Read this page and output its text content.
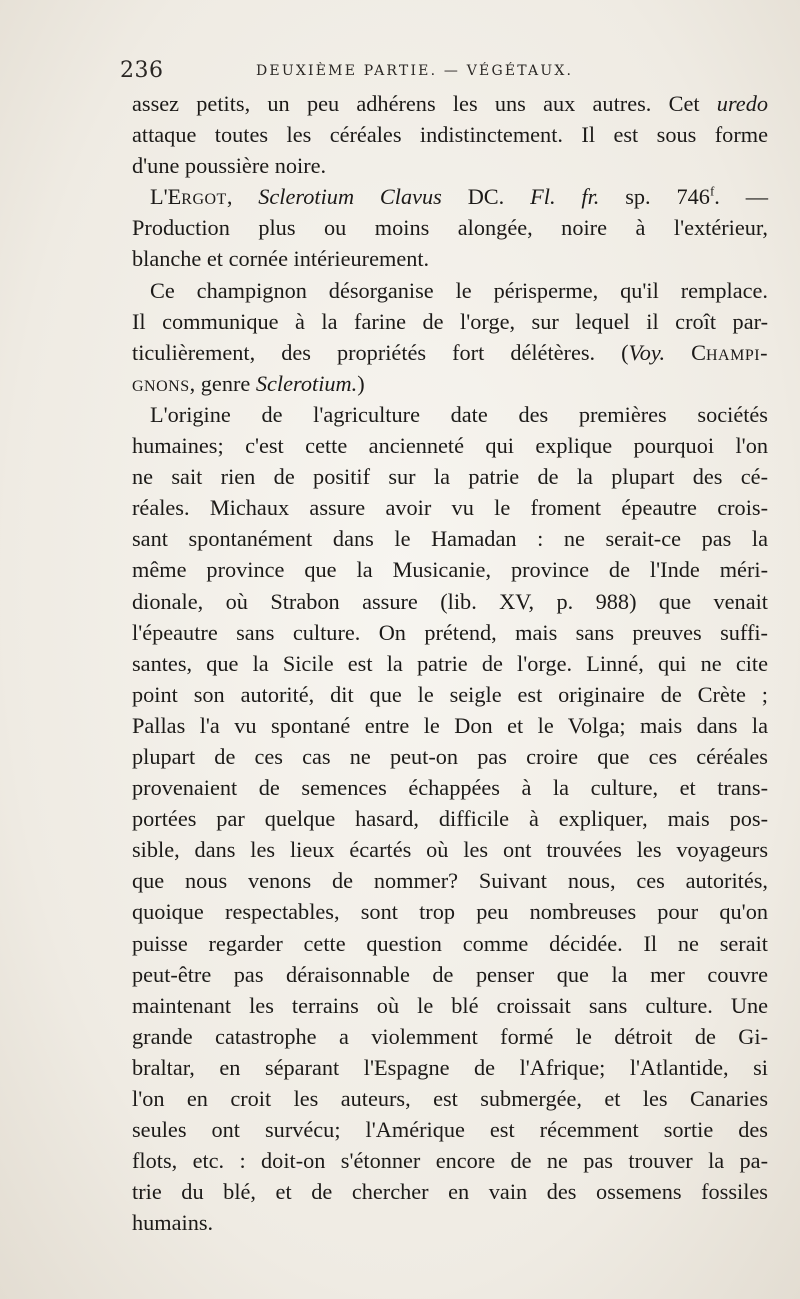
236	DEUXIÈME PARTIE. — VÉGÉTAUX.
assez petits, un peu adhérens les uns aux autres. Cet uredo
attaque toutes les céréales indistinctement. Il est sous forme
d'une poussière noire.
L'Ergot, Sclerotium Clavus DC. Fl. fr. sp. 746$^f$. —
Production plus ou moins alongée, noire à l'extérieur,
blanche et cornée intérieurement.
Ce champignon désorganise le périsperme, qu'il remplace.
Il communique à la farine de l'orge, sur lequel il croît par-
ticulièrement, des propriétés fort délétères. (Voy. Champi-
gnons, genre Sclerotium.)
L'origine de l'agriculture date des premières sociétés
humaines; c'est cette ancienneté qui explique pourquoi l'on
ne sait rien de positif sur la patrie de la plupart des cé-
réales. Michaux assure avoir vu le froment épeautre crois-
sant spontanément dans le Hamadan : ne serait-ce pas la
même province que la Musicanie, province de l'Inde méri-
dionale, où Strabon assure (lib. XV, p. 988) que venait
l'épeautre sans culture. On prétend, mais sans preuves suffi-
santes, que la Sicile est la patrie de l'orge. Linné, qui ne cite
point son autorité, dit que le seigle est originaire de Crète ;
Pallas l'a vu spontané entre le Don et le Volga; mais dans la
plupart de ces cas ne peut-on pas croire que ces céréales
provenaient de semences échappées à la culture, et trans-
portées par quelque hasard, difficile à expliquer, mais pos-
sible, dans les lieux écartés où les ont trouvées les voyageurs
que nous venons de nommer? Suivant nous, ces autorités,
quoique respectables, sont trop peu nombreuses pour qu'on
puisse regarder cette question comme décidée. Il ne serait
peut-être pas déraisonnable de penser que la mer couvre
maintenant les terrains où le blé croissait sans culture. Une
grande catastrophe a violemment formé le détroit de Gi-
braltar, en séparant l'Espagne de l'Afrique; l'Atlantide, si
l'on en croit les auteurs, est submergée, et les Canaries
seules ont survécu; l'Amérique est récemment sortie des
flots, etc. : doit-on s'étonner encore de ne pas trouver la pa-
trie du blé, et de chercher en vain des ossemens fossiles
humains.
